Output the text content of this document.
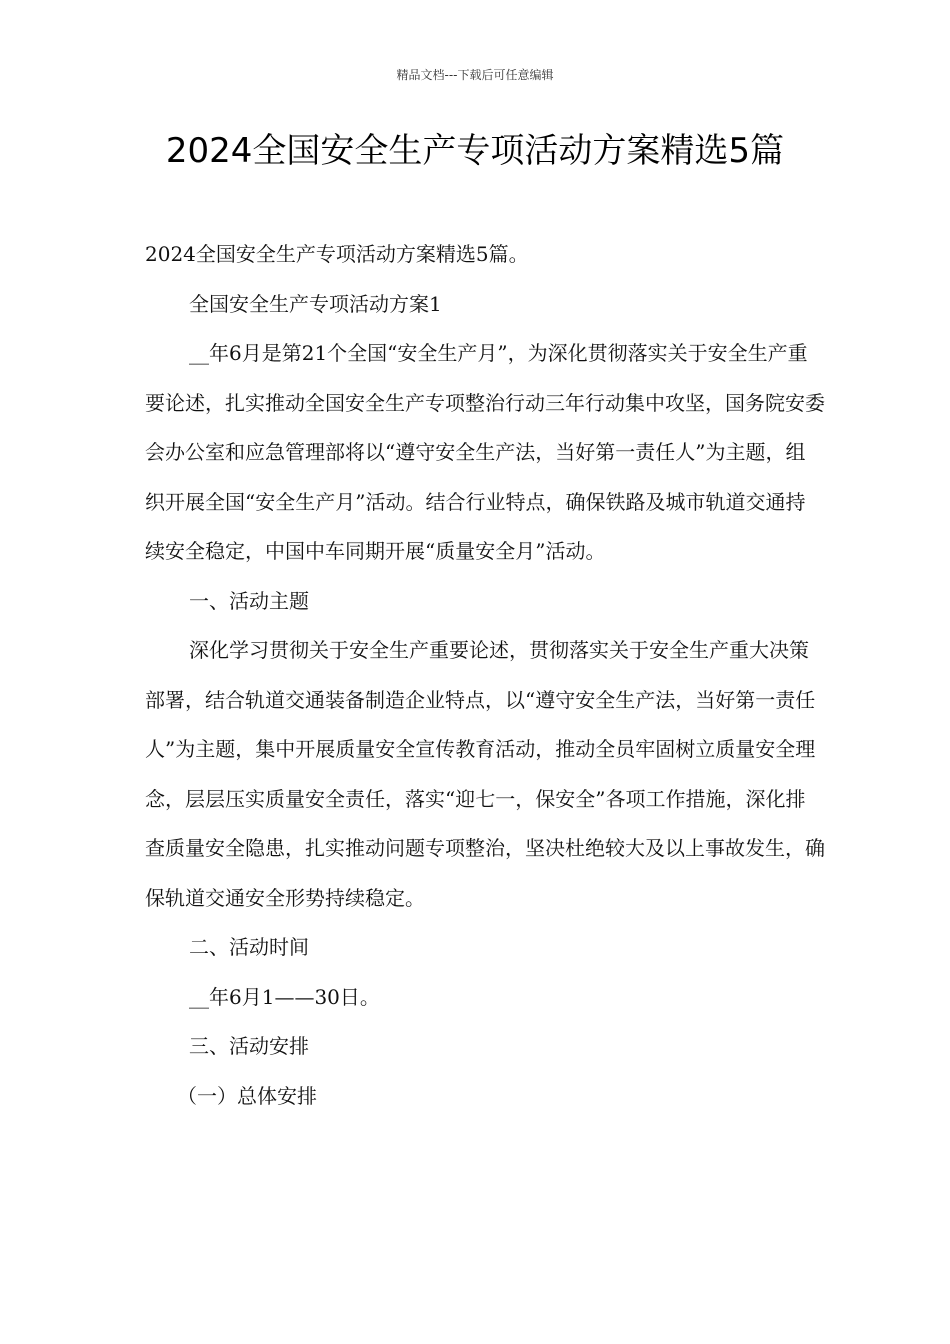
精品文档---下载后可任意编辑
2024全国安全生产专项活动方案精选5篇

2024全国安全生产专项活动方案精选5篇。

全国安全生产专项活动方案1

__年6月是第21个全国“安全生产月”，为深化贯彻落实关于安全生产重要论述，扎实推动全国安全生产专项整治行动三年行动集中攻坚，国务院安委会办公室和应急管理部将以“遵守安全生产法，当好第一责任人”为主题，组织开展全国“安全生产月”活动。结合行业特点，确保铁路及城市轨道交通持续安全稳定，中国中车同期开展“质量安全月”活动。

一、活动主题

深化学习贯彻关于安全生产重要论述，贯彻落实关于安全生产重大决策部署，结合轨道交通装备制造企业特点，以“遵守安全生产法，当好第一责任人”为主题，集中开展质量安全宣传教育活动，推动全员牢固树立质量安全理念，层层压实质量安全责任，落实“迎七一，保安全”各项工作措施，深化排查质量安全隐患，扎实推动问题专项整治，坚决杜绝较大及以上事故发生，确保轨道交通安全形势持续稳定。

二、活动时间

__年6月1——30日。

三、活动安排

（一）总体安排
